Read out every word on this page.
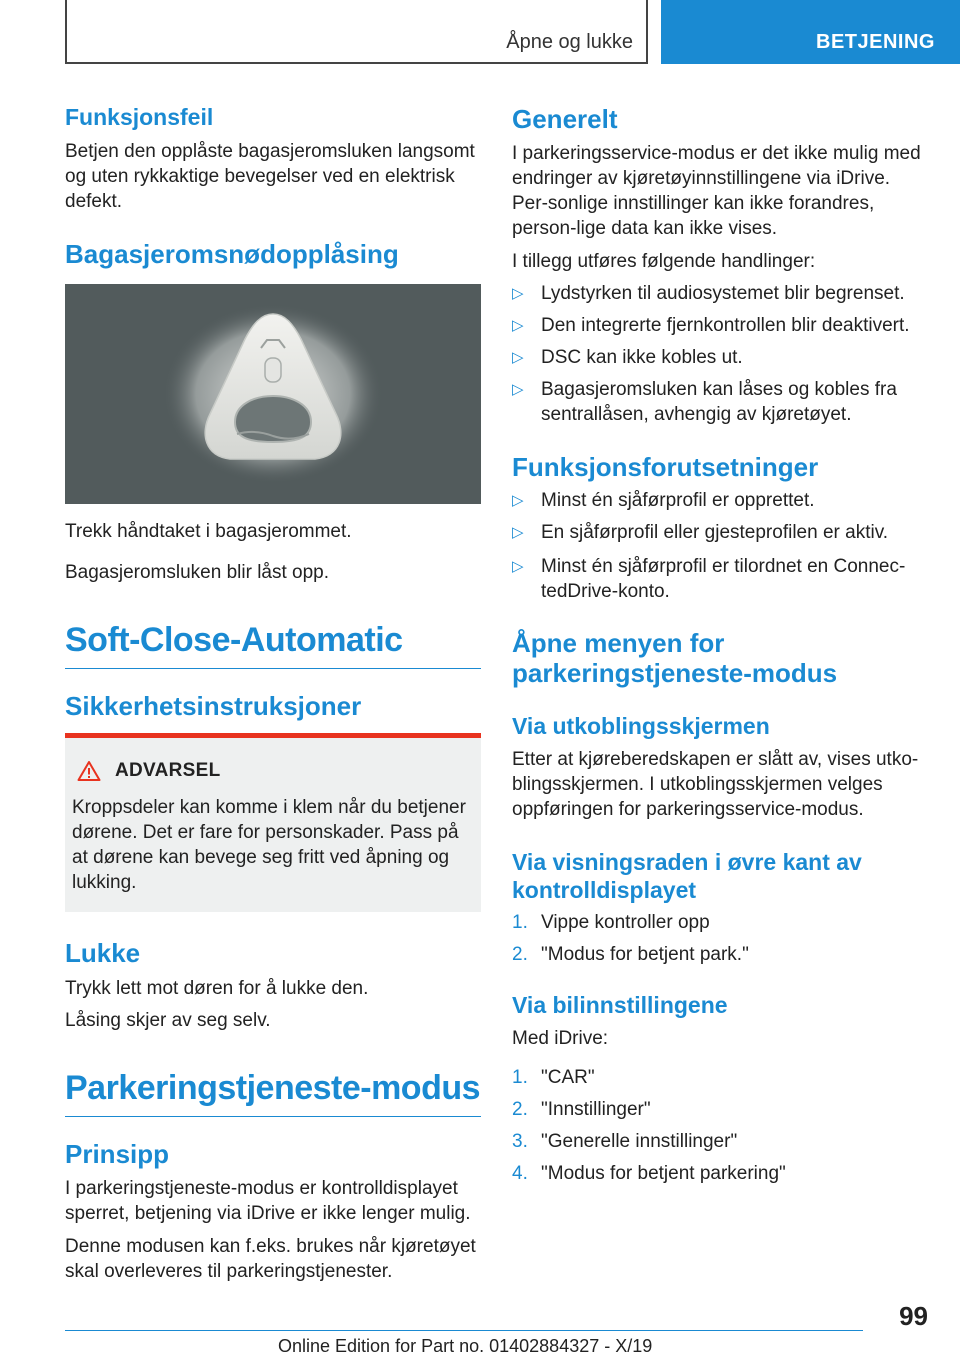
Åpne og lukke	BETJENING
Funksjonsfeil

Betjen den opplåste bagasjeromsluken langsomt og uten rykkaktige bevegelser ved en elektrisk defekt.

Bagasjeromsnødopplåsing

Trekk håndtaket i bagasjerommet.

Bagasjeromsluken blir låst opp.

Soft-Close-Automatic
Sikkerhetsinstruksjoner
ADVARSEL
Kroppsdeler kan komme i klem når du betjener dørene. Det er fare for personskader. Pass på at dørene kan bevege seg fritt ved åpning og lukking.
Lukke

Trykk lett mot døren for å lukke den.

Låsing skjer av seg selv.

Parkeringstjeneste-modus
Prinsipp

I parkeringstjeneste-modus er kontrolldisplayet sperret, betjening via iDrive er ikke lenger mulig.

Denne modusen kan f.eks. brukes når kjøretøyet skal overleveres til parkeringstjenester.

Generelt

I parkeringsservice-modus er det ikke mulig med endringer av kjøretøyinnstillingene via iDrive. Per-sonlige innstillinger kan ikke forandres, person-lige data kan ikke vises.

I tillegg utføres følgende handlinger:

▷ Lydstyrken til audiosystemet blir begrenset.
▷ Den integrerte fjernkontrollen blir deaktivert.
▷ DSC kan ikke kobles ut.
▷ Bagasjeromsluken kan låses og kobles fra sentrallåsen, avhengig av kjøretøyet.
Funksjonsforutsetninger
▷ Minst én sjåførprofil er opprettet.
▷ En sjåførprofil eller gjesteprofilen er aktiv.
▷ Minst én sjåførprofil er tilordnet en Connec-tedDrive-konto.
Åpne menyen for
parkeringstjeneste-modus
Via utkoblingsskjermen

Etter at kjøreberedskapen er slått av, vises utko-blingsskjermen. I utkoblingsskjermen velges oppføringen for parkeringsservice-modus.

Via visningsraden i øvre kant av
kontrolldisplayet
1. Vippe kontroller opp
2. "Modus for betjent park."
Via bilinnstillingene

Med iDrive:

1. "CAR"
2. "Innstillinger"
3. "Generelle innstillinger"
4. "Modus for betjent parkering"
99
Online Edition for Part no. 01402884327 - X/19
